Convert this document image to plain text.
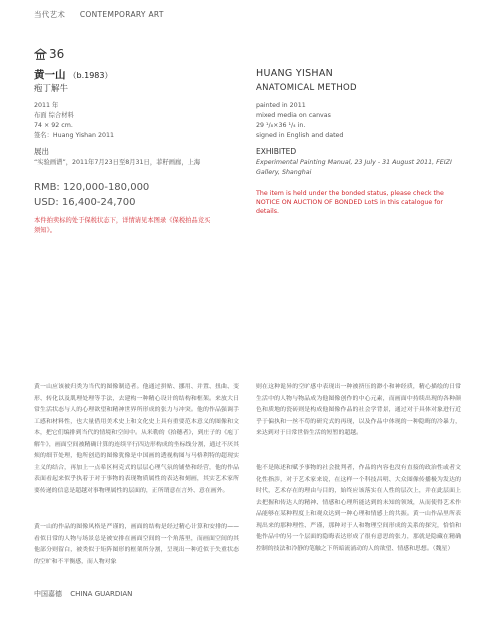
当代艺术 CONTEMPORARY ART
36
黄一山 （b.1983）
疱丁解牛
HUANG YISHAN
ANATOMICAL METHOD
2011 年
布面 综合材料
74 × 92 cm.
签名：Huang Yishan 2011
painted in 2011
mixed media on canvas
29 ¹/₈×36 ¹/₄ in.
signed in English and dated
展出
“实验画谱”，2011年7月23日至8月31日，菲籽画廊，上海
EXHIBITED
Experimental Painting Manual, 23 July - 31 August 2011, FEIZI Gallery, Shanghai
RMB: 120,000-180,000
USD: 16,400-24,700
本件拍卖标的处于保税状态下，详情请见本图录《保税拍品竞买须知》。
The item is held under the bonded status, please check the NOTICE ON AUCTION OF BONDED LotS in this catalogue for details.
黄一山应该被归类为当代的图像制造者。他通过拼贴、挪用、并置、扭曲、变形、转化以及肌理处理等手法，去建构一种精心设计的结构和框架。来放大日常生活状态与人的心理欲望和精神世界所形成的张力与冲突。他的作品强调手工感和材料性，也大量借用美术史上和文化史上具有重要范本意义的图像和文本，把它们编排到当代的情境和空间中。从米勒的《拾穗者》，到庄子的《庖丁解牛》，画面空间被精确计算的连续平行四边形构成的坐标线分割，通过不厌其烦的细节处理，他所创造的图像犹像是中国画的透视构图与马格利特的超现实主义的结合，再加上一点希区柯克式的层层心理气氛的铺垫和经营，他的作品表面看起来似乎执着于对于事物的表现物质属性的表达和刻画，其实艺术家所要传递的信息是超越对事物理属性的层面的，正所谓意在言外、意在画外。
黄一山的作品的图像风格是严谨的，画面的结构是经过精心计算和安排的——看似日常的人物与场景总是被安排在画面空间的一个角落里，而画面空间的其他部分则留白，被类似于矩阵图形的框架所分割，呈现出一种近似于失重状态的空旷和不平衡感，而人物对象
则在这种诡异的空旷感中表现出一种被挤压的渺小和神经质，精心描绘的日常生活中的人物与物品成为他图像创作的中心元素，而画面中持续出现的各种颜色和质地的瓷砖则是构成他图像作品的社会学背景，通过对于具体对象进行近乎于偏执和一丝不苟的研究式的再现，以及作品中体现的一种隐晦的冷暴力，来达到对于日常世俗生活的短暂的超越。
他不是陈述和赋予事物的社会批判者，作品的内容也没有直接的政治性或者文化性指涉，对于艺术家来说，在这样一个科技昌明、大众图像传播极为发达的时代，艺术存在的理由与目的，始终应该落实在人性的层次上，并在此层面上去把握和传达人的精神、情感和心理所能达到的未知的领域，从而使得艺术作品能够在某种程度上和观众达到一种心理和情感上的共振。黄一山作品里所表现出来的那种理性、严谨，那种对于人和物理空间形成的关系的探究，恰恰和他作品中的另一个层面的隐晦表达形成了很有意思的张力，那就是隐藏在精确控制的技法和冷静的笔触之下所暗流涌动的人的欲望、情感和思想。（魏星）
中国嘉德 CHINA GUARDIAN
